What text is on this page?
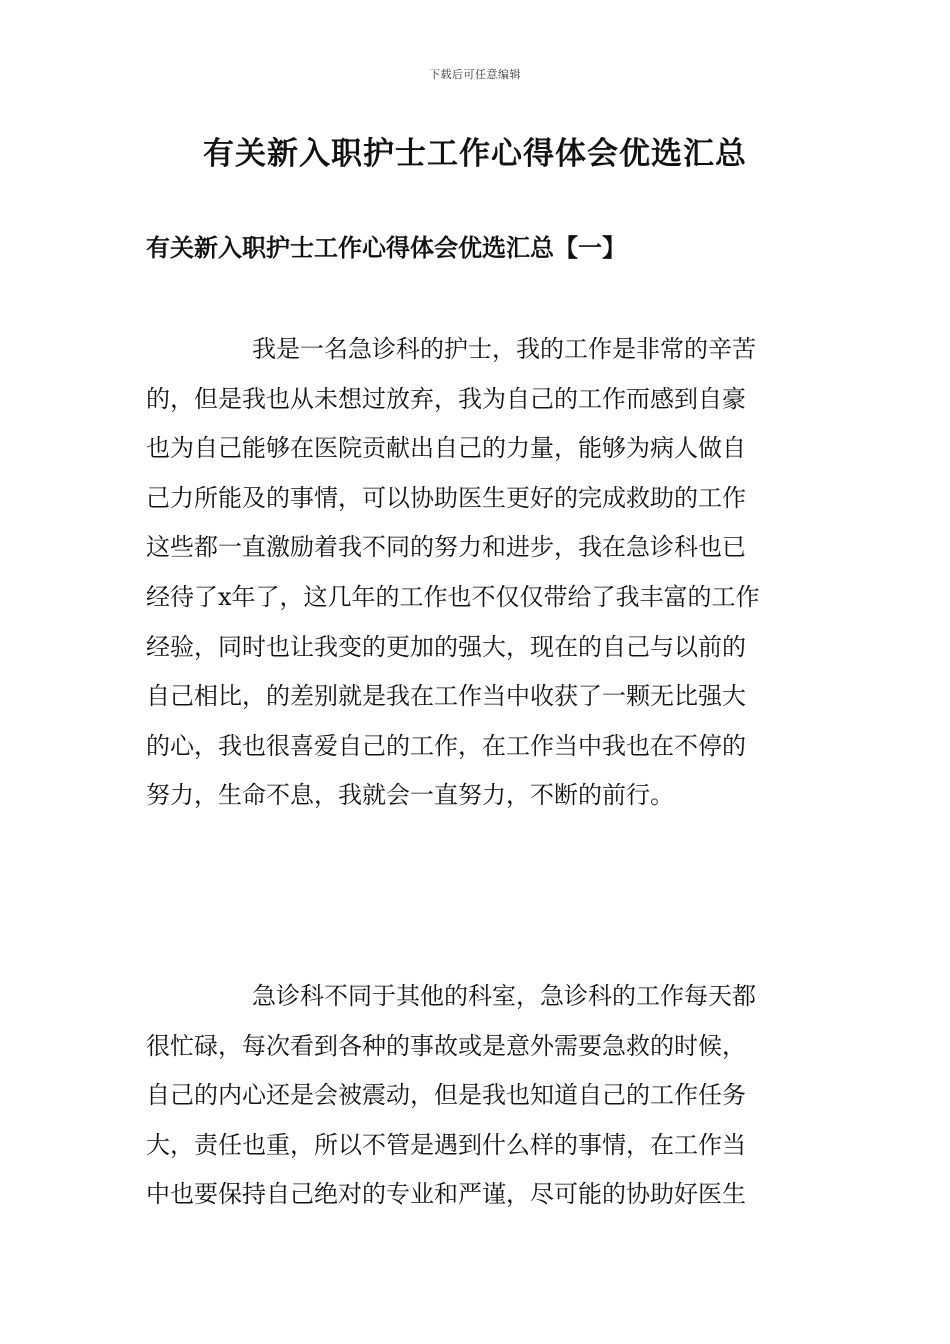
下载后可任意编辑
有关新入职护士工作心得体会优选汇总
有关新入职护士工作心得体会优选汇总【一】
我是一名急诊科的护士，我的工作是非常的辛苦
的，但是我也从未想过放弃，我为自己的工作而感到自豪
也为自己能够在医院贡献出自己的力量，能够为病人做自
己力所能及的事情，可以协助医生更好的完成救助的工作
这些都一直激励着我不同的努力和进步，我在急诊科也已
经待了x年了，这几年的工作也不仅仅带给了我丰富的工作
经验，同时也让我变的更加的强大，现在的自己与以前的
自己相比，的差别就是我在工作当中收获了一颗无比强大
的心，我也很喜爱自己的工作，在工作当中我也在不停的
努力，生命不息，我就会一直努力，不断的前行。
急诊科不同于其他的科室，急诊科的工作每天都
很忙碌，每次看到各种的事故或是意外需要急救的时候，
自己的内心还是会被震动，但是我也知道自己的工作任务
大，责任也重，所以不管是遇到什么样的事情，在工作当
中也要保持自己绝对的专业和严谨，尽可能的协助好医生
